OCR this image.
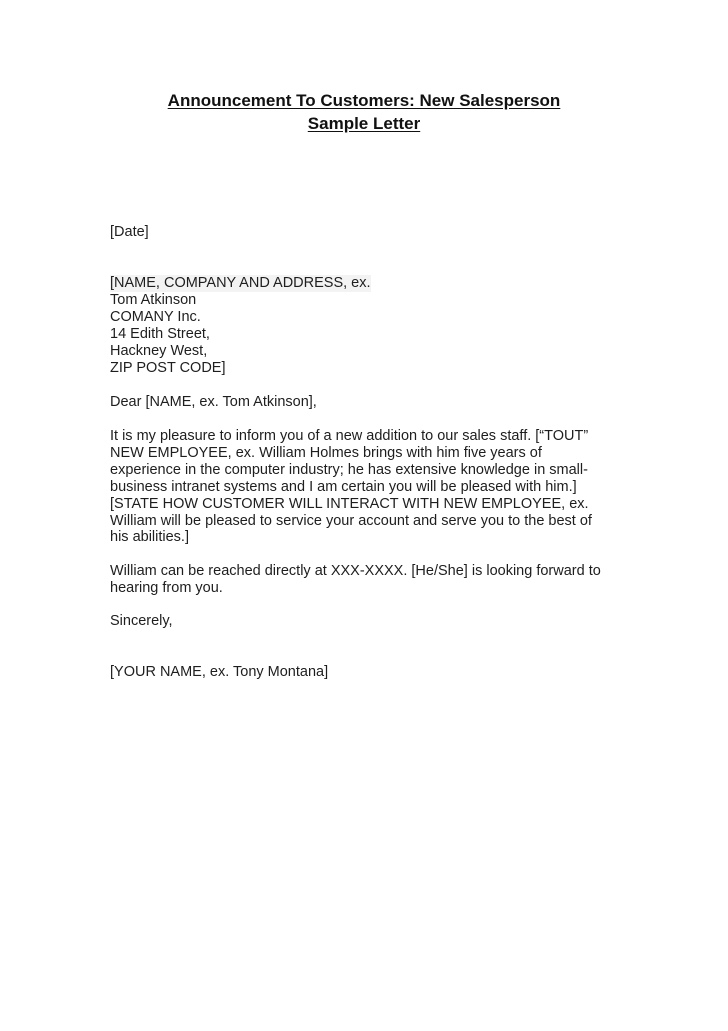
Announcement To Customers: New Salesperson
Sample Letter
[Date]
[NAME, COMPANY AND ADDRESS, ex.
Tom Atkinson
COMANY Inc.
14 Edith Street,
Hackney West,
ZIP POST CODE]
Dear [NAME, ex. Tom Atkinson],
It is my pleasure to inform you of a new addition to our sales staff. [“TOUT”
NEW EMPLOYEE, ex. William Holmes brings with him five years of
experience in the computer industry; he has extensive knowledge in small-
business intranet systems and I am certain you will be pleased with him.]
[STATE HOW CUSTOMER WILL INTERACT WITH NEW EMPLOYEE, ex.
William will be pleased to service your account and serve you to the best of
his abilities.]
William can be reached directly at XXX-XXXX. [He/She] is looking forward to
hearing from you.
Sincerely,
[YOUR NAME, ex. Tony Montana]
